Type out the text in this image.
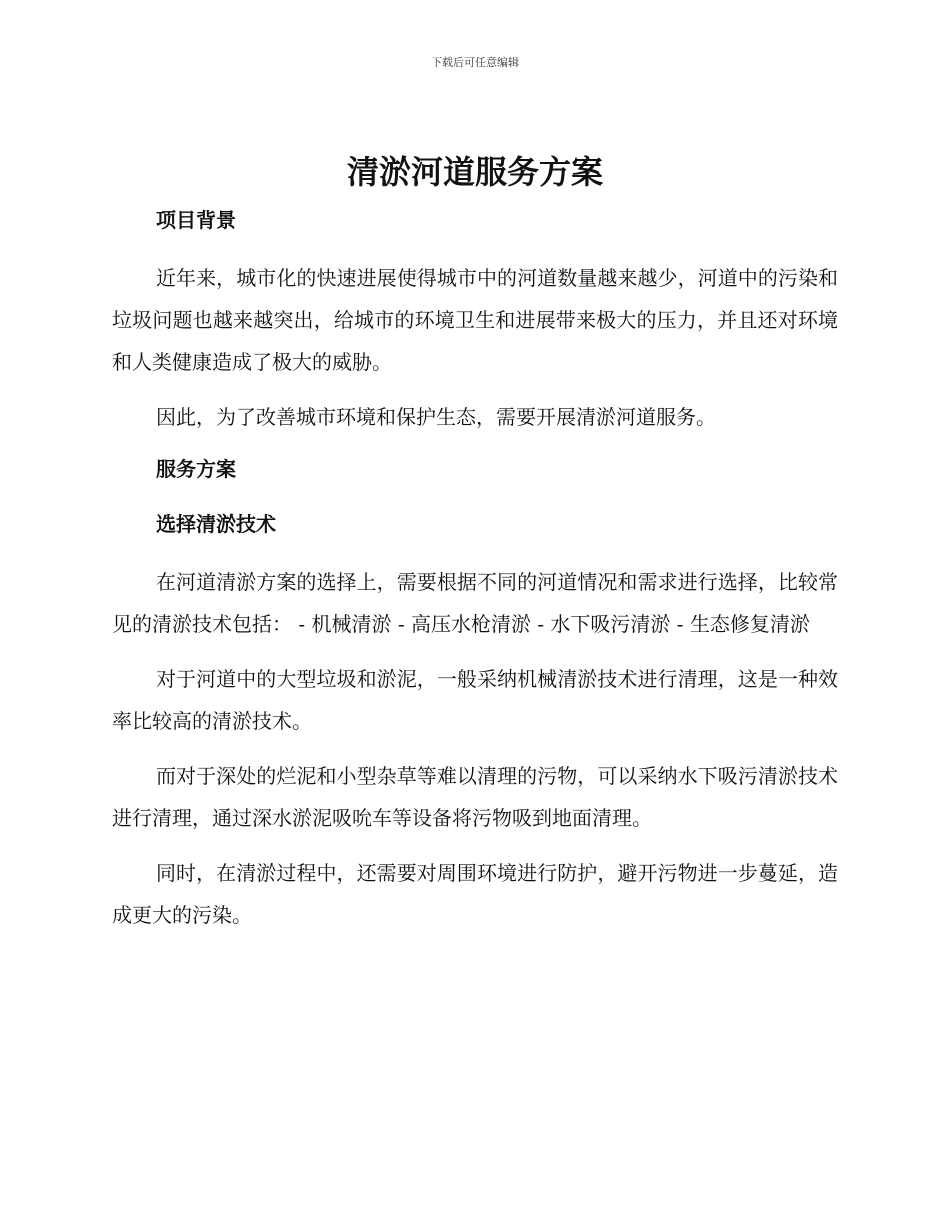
下载后可任意编辑
清淤河道服务方案
项目背景

近年来，城市化的快速进展使得城市中的河道数量越来越少，河道中的污染和垃圾问题也越来越突出，给城市的环境卫生和进展带来极大的压力，并且还对环境和人类健康造成了极大的威胁。

因此，为了改善城市环境和保护生态，需要开展清淤河道服务。

服务方案
选择清淤技术

在河道清淤方案的选择上，需要根据不同的河道情况和需求进行选择，比较常见的清淤技术包括： - 机械清淤 - 高压水枪清淤 - 水下吸污清淤 - 生态修复清淤

对于河道中的大型垃圾和淤泥，一般采纳机械清淤技术进行清理，这是一种效率比较高的清淤技术。

而对于深处的烂泥和小型杂草等难以清理的污物，可以采纳水下吸污清淤技术进行清理，通过深水淤泥吸吮车等设备将污物吸到地面清理。

同时，在清淤过程中，还需要对周围环境进行防护，避开污物进一步蔓延，造成更大的污染。
